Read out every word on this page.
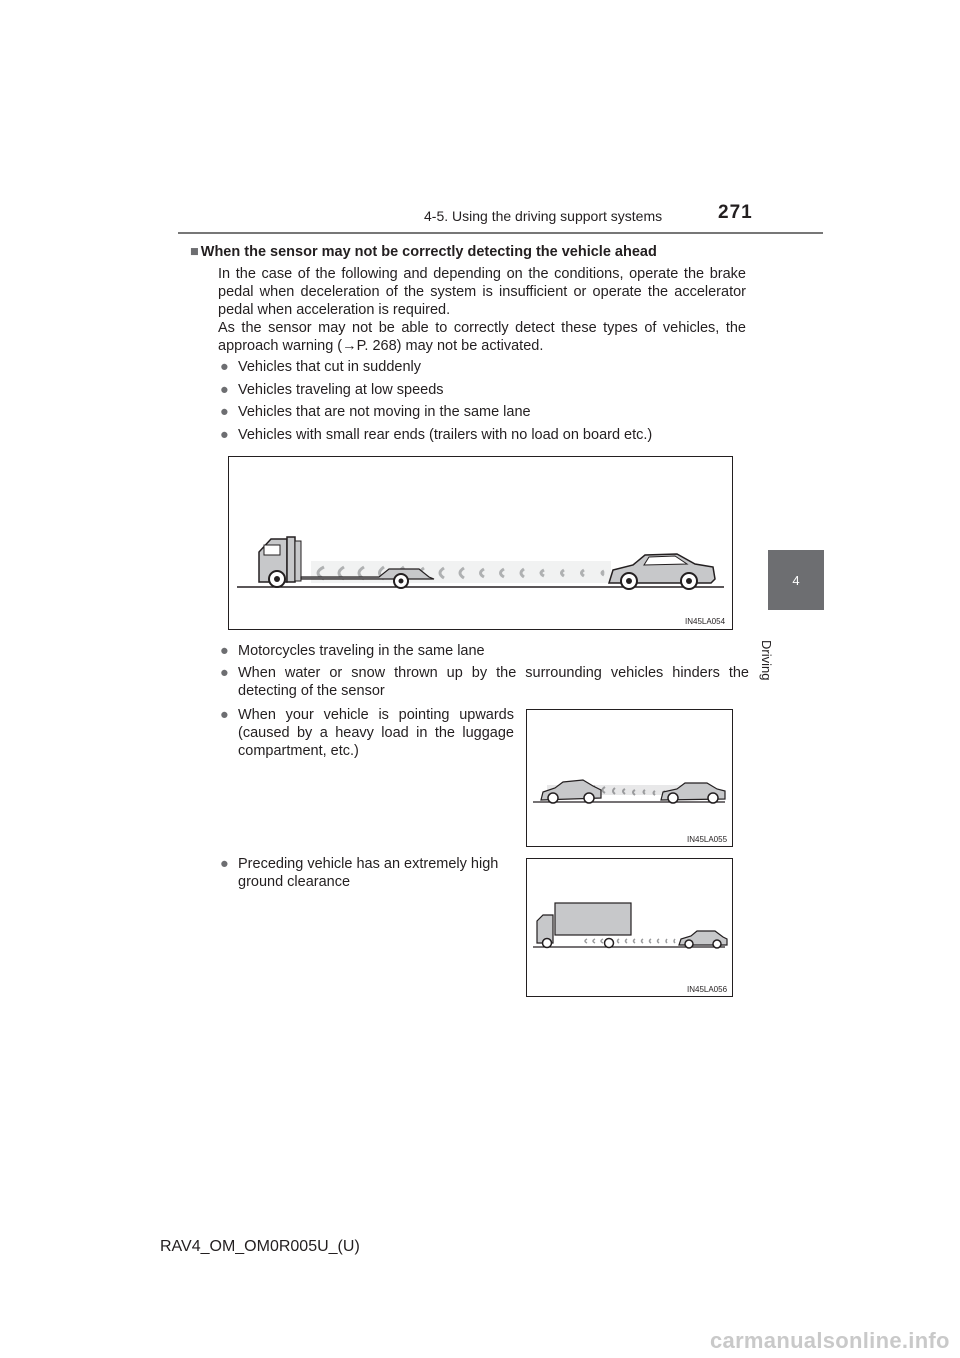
4-5. Using the driving support systems	271
4
Driving
■ When the sensor may not be correctly detecting the vehicle ahead
In the case of the following and depending on the conditions, operate the brake pedal when deceleration of the system is insufficient or operate the accelerator pedal when acceleration is required.
As the sensor may not be able to correctly detect these types of vehicles, the approach warning (→P. 268) may not be activated.
● Vehicles that cut in suddenly
● Vehicles traveling at low speeds
● Vehicles that are not moving in the same lane
● Vehicles with small rear ends (trailers with no load on board etc.)
IN45LA054
● Motorcycles traveling in the same lane
● When water or snow thrown up by the surrounding vehicles hinders the detecting of the sensor
● When your vehicle is pointing upwards (caused by a heavy load in the luggage compartment, etc.)
IN45LA055
● Preceding vehicle has an extremely high ground clearance
IN45LA056
RAV4_OM_OM0R005U_(U)
carmanualsonline.info
